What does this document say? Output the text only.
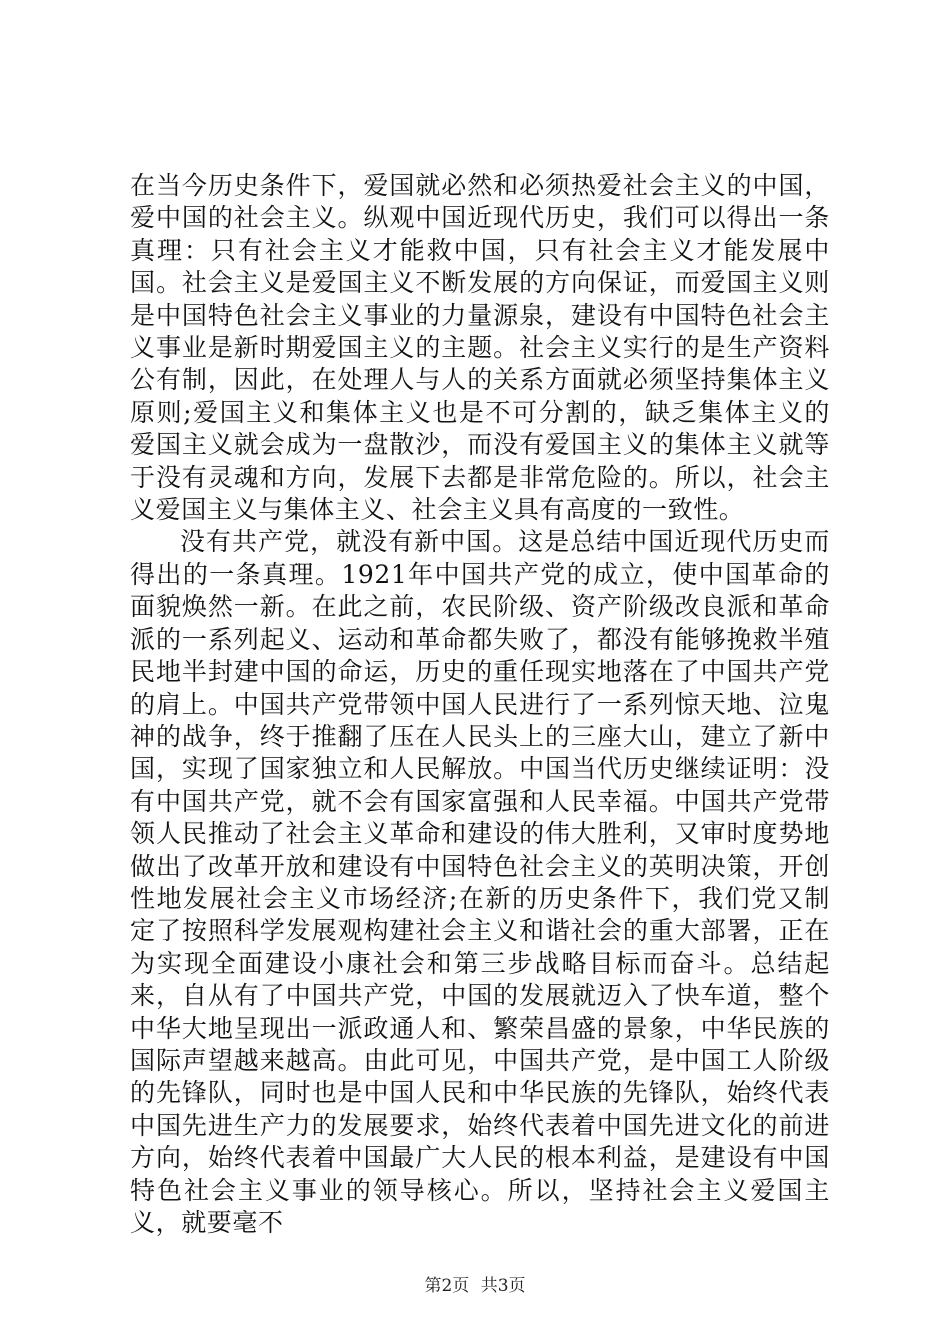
在当今历史条件下，爱国就必然和必须热爱社会主义的中国，爱中国的社会主义。纵观中国近现代历史，我们可以得出一条真理：只有社会主义才能救中国，只有社会主义才能发展中国。社会主义是爱国主义不断发展的方向保证，而爱国主义则是中国特色社会主义事业的力量源泉，建设有中国特色社会主义事业是新时期爱国主义的主题。社会主义实行的是生产资料公有制，因此，在处理人与人的关系方面就必须坚持集体主义原则;爱国主义和集体主义也是不可分割的，缺乏集体主义的爱国主义就会成为一盘散沙，而没有爱国主义的集体主义就等于没有灵魂和方向，发展下去都是非常危险的。所以，社会主义爱国主义与集体主义、社会主义具有高度的一致性。

没有共产党，就没有新中国。这是总结中国近现代历史而得出的一条真理。1921年中国共产党的成立，使中国革命的面貌焕然一新。在此之前，农民阶级、资产阶级改良派和革命派的一系列起义、运动和革命都失败了，都没有能够挽救半殖民地半封建中国的命运，历史的重任现实地落在了中国共产党的肩上。中国共产党带领中国人民进行了一系列惊天地、泣鬼神的战争，终于推翻了压在人民头上的三座大山，建立了新中国，实现了国家独立和人民解放。中国当代历史继续证明：没有中国共产党，就不会有国家富强和人民幸福。中国共产党带领人民推动了社会主义革命和建设的伟大胜利，又审时度势地做出了改革开放和建设有中国特色社会主义的英明决策，开创性地发展社会主义市场经济;在新的历史条件下，我们党又制定了按照科学发展观构建社会主义和谐社会的重大部署，正在为实现全面建设小康社会和第三步战略目标而奋斗。总结起来，自从有了中国共产党，中国的发展就迈入了快车道，整个中华大地呈现出一派政通人和、繁荣昌盛的景象，中华民族的国际声望越来越高。由此可见，中国共产党，是中国工人阶级的先锋队，同时也是中国人民和中华民族的先锋队，始终代表中国先进生产力的发展要求，始终代表着中国先进文化的前进方向，始终代表着中国最广大人民的根本利益，是建设有中国特色社会主义事业的领导核心。所以，坚持社会主义爱国主义，就要毫不

第2页 共3页
